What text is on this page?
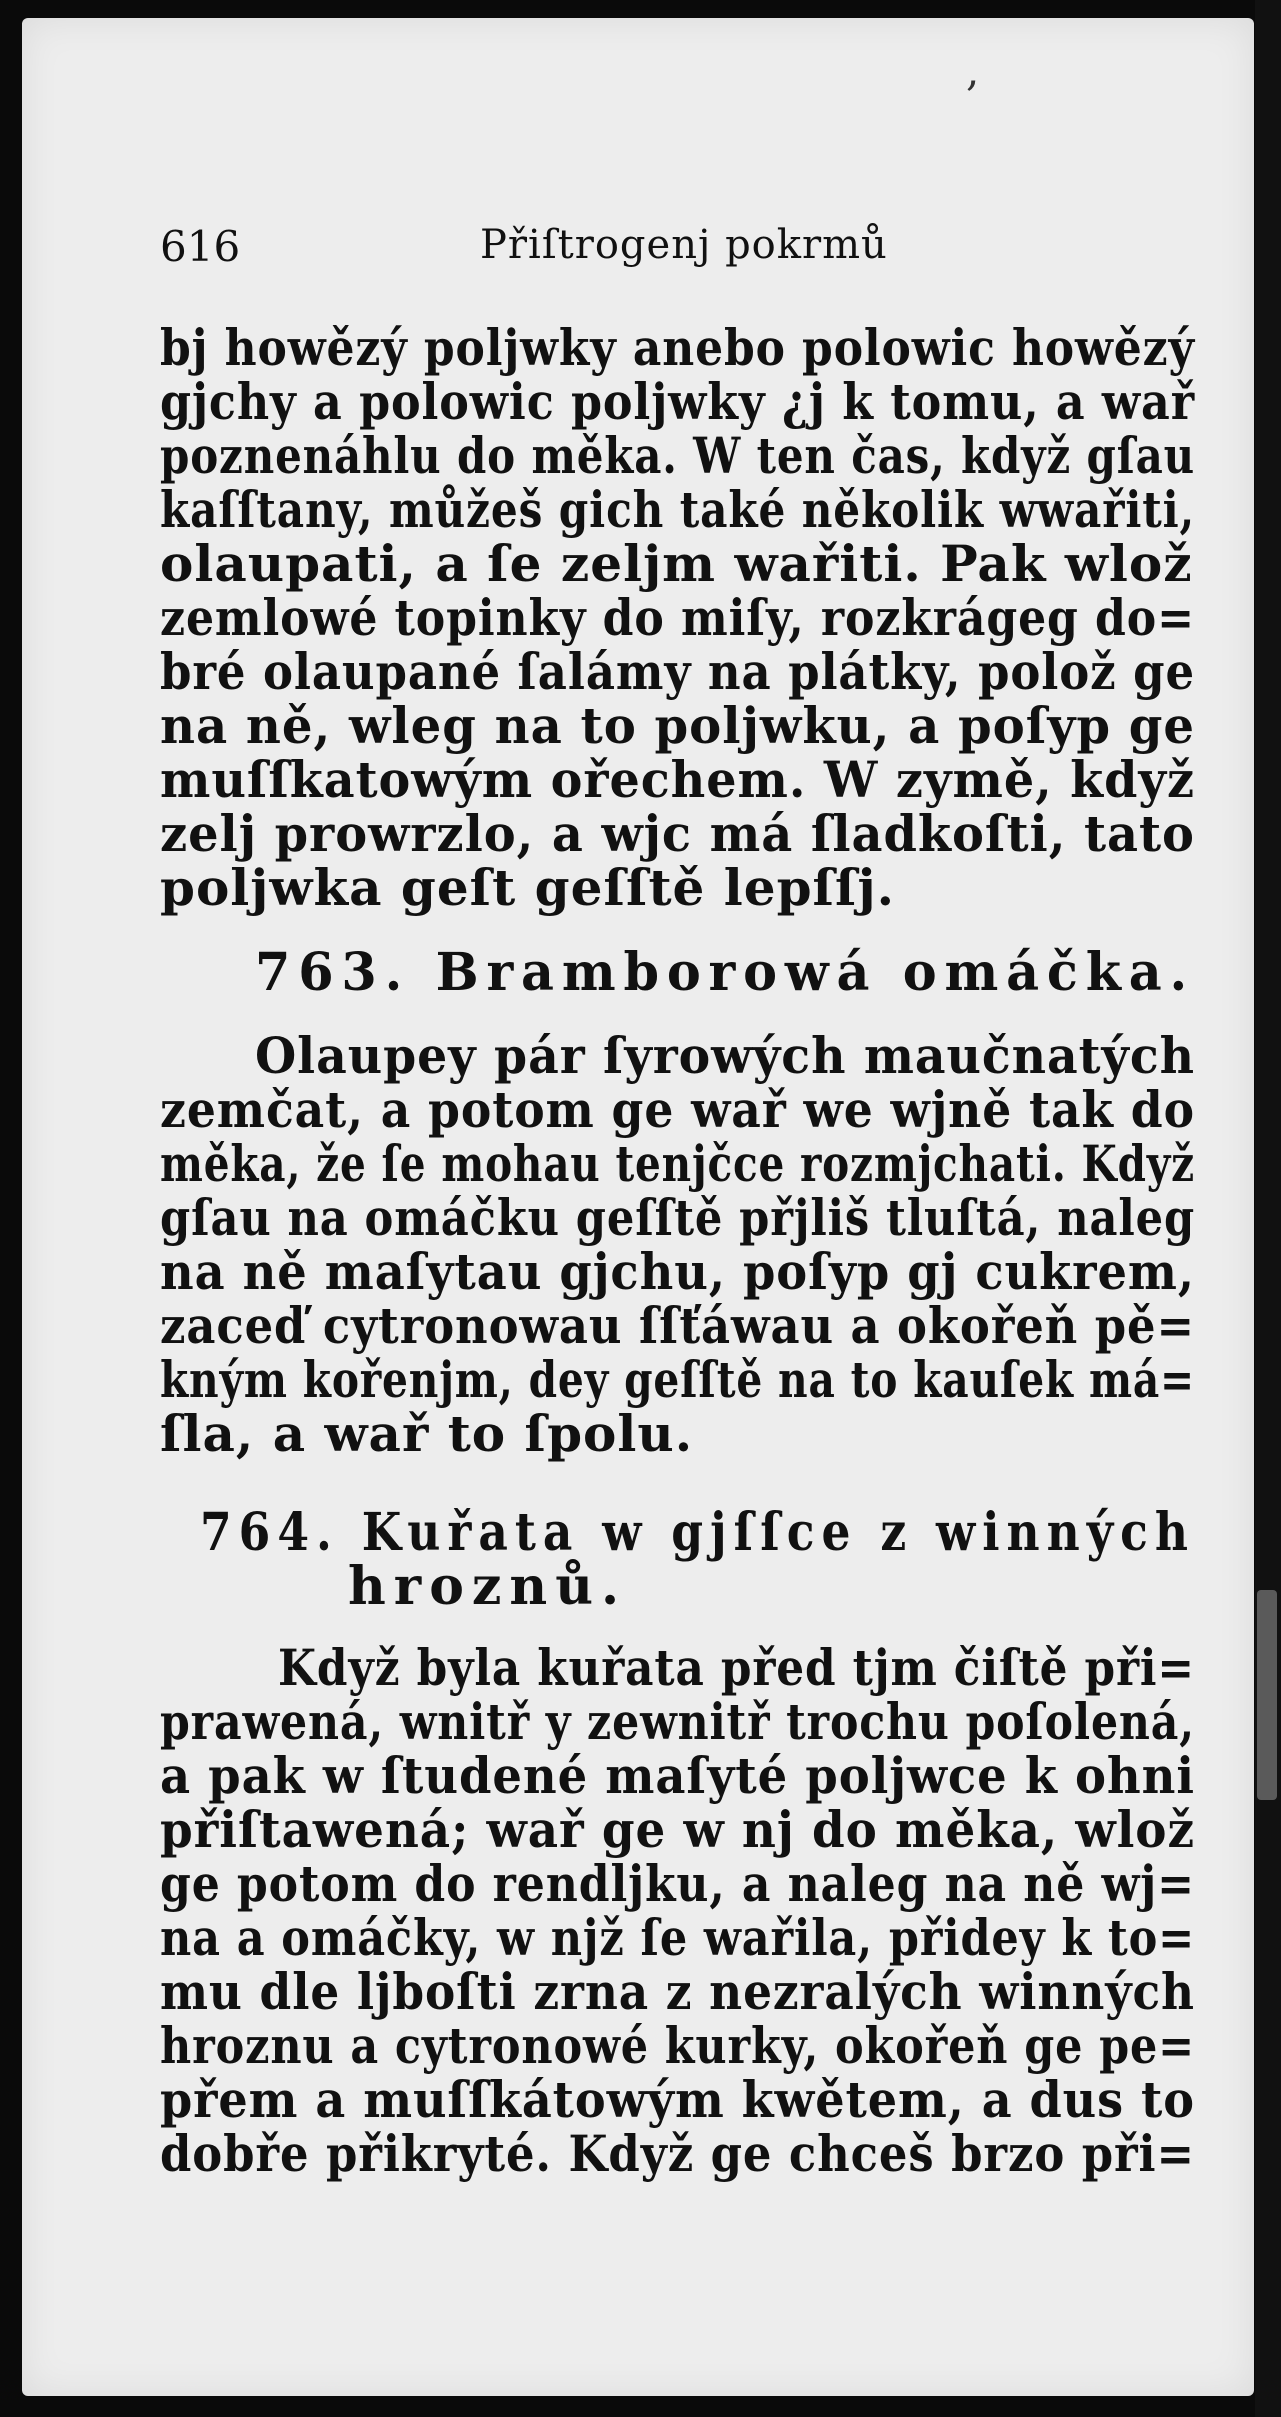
,
616	Přiſtrogenj pokrmů
bj howězý polјwky anebo polowic howězý
gjchy a polowic polјwky ¿j k tomu, a wař
poznenáhlu do měka. W ten čas, když gſau
kaſſtany, můžeš gich také několik wwařiti,
olaupati, a ſe zelјm wařiti. Pak wlož
zemlowé topinky do miſy, rozkrágeg do=
bré olaupané ſalámy na plátky, polož ge
na ně, wleg na to polјwku, a poſyp ge
muſſkatowým ořechem. W zymě, když
zelj prowrzlo, a wjc má ſladkoſti, tato
polјwka geſt geſſtě lepſſj.
763. Bramborowá omáčka.
Olaupey pár ſyrowých maučnatých
zemčat, a potom ge wař we wjně tak do
měka, že ſe mohau tenјčce rozmjchati. Když
gſau na omáčku geſſtě přјliš tluſtá, naleg
na ně maſytau gjchu, poſyp gj cukrem,
zaceď cytronowau ſſťáwau a okořeň pě=
kným kořenјm, dey geſſtě na to kauſek má=
ſla, a wař to ſpolu.
764. Kuřata w gjſſce z winných
hroznů.
Když byla kuřata před tјm čiſtě při=
prawená, wnitř y zewnitř trochu poſolená,
a pak w ſtudené maſyté polјwce k ohni
přiſtawená; wař ge w nj do měka, wlož
ge potom do rendljku, a naleg na ně wј=
na a omáčky, w njž ſe wařila, přidey k to=
mu dle ljboſti zrna z nezralých winných
hroznu a cytronowé kurky, okořeň ge pe=
přem a muſſkátowým kwětem, a dus to
dobře přikryté. Když ge chceš brzo při=
